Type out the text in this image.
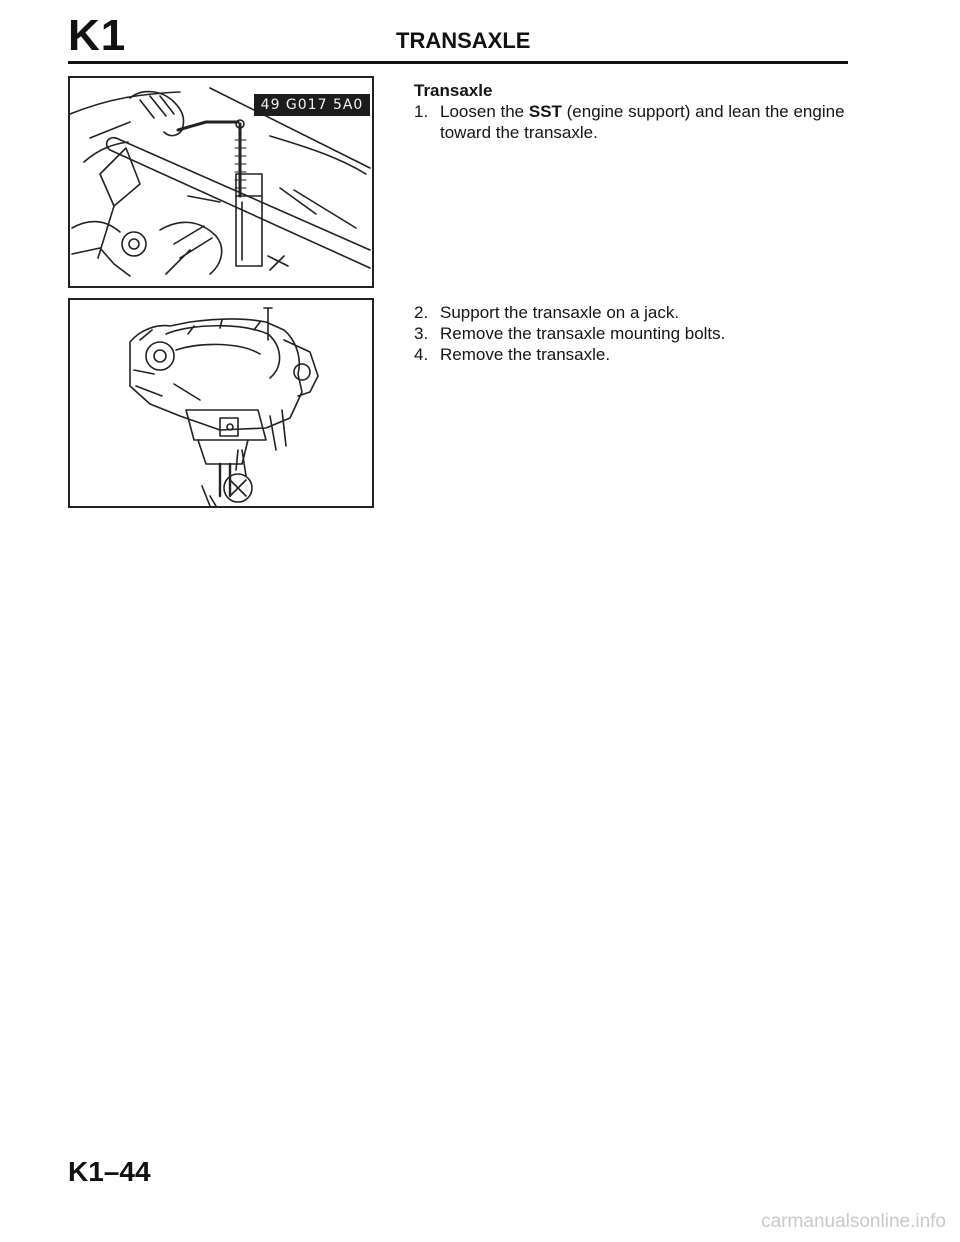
K1	TRANSAXLE
49 G017 5A0
Transaxle
1. Loosen the SST (engine support) and lean the engine toward the transaxle.
2. Support the transaxle on a jack.
3. Remove the transaxle mounting bolts.
4. Remove the transaxle.
K1–44
carmanualsonline.info
